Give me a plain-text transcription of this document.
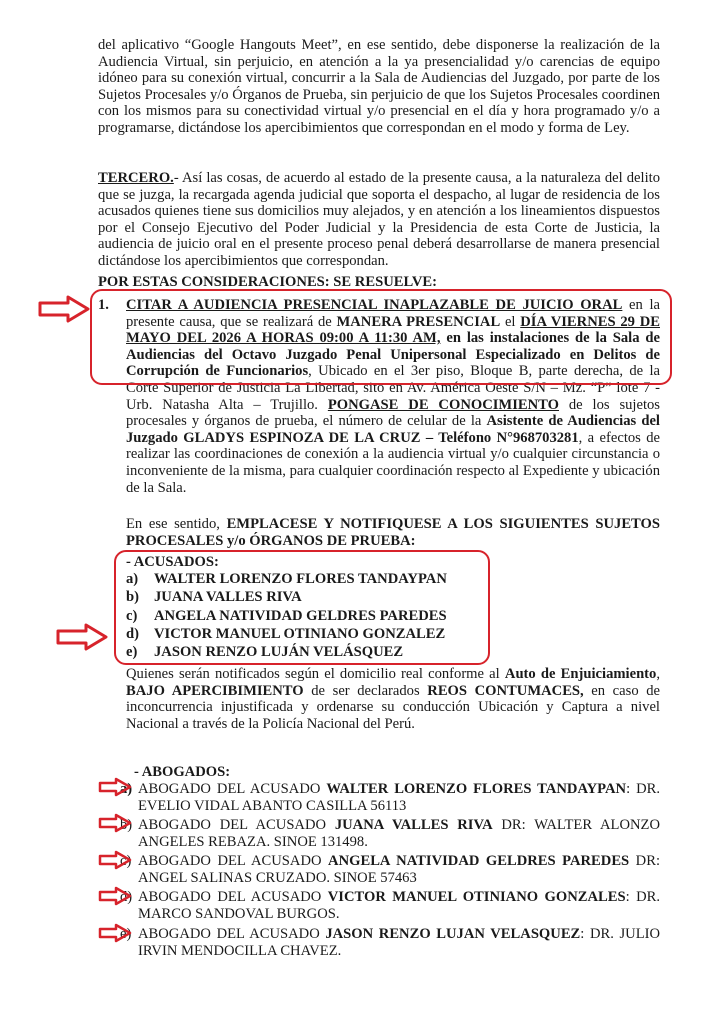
del aplicativo “Google Hangouts Meet”, en ese sentido, debe disponerse la realización de la Audiencia Virtual, sin perjuicio, en atención a la ya presencialidad y/o carencias de equipo idóneo para su conexión virtual, concurrir a la Sala de Audiencias del Juzgado, por parte de los Sujetos Procesales y/o Órganos de Prueba, sin perjuicio de que los Sujetos Procesales coordinen con los mismos para su conectividad virtual y/o presencial en el día y hora programado y/o a programarse, dictándose los apercibimientos que correspondan en el modo y forma de Ley.

TERCERO.- Así las cosas, de acuerdo al estado de la presente causa, a la naturaleza del delito que se juzga, la recargada agenda judicial que soporta el despacho, al lugar de residencia de los acusados quienes tiene sus domicilios muy alejados, y en atención a los lineamientos dispuestos por el Consejo Ejecutivo del Poder Judicial y la Presidencia de esta Corte de Justicia, la audiencia de juicio oral en el presente proceso penal deberá desarrollarse de manera presencial dictándose los apercibimientos que correspondan.

POR ESTAS CONSIDERACIONES: SE RESUELVE:
1. CITAR A AUDIENCIA PRESENCIAL INAPLAZABLE DE JUICIO ORAL en la presente causa, que se realizará de MANERA PRESENCIAL el DÍA VIERNES 29 DE MAYO DEL 2026 A HORAS 09:00 A 11:30 AM, en las instalaciones de la Sala de Audiencias del Octavo Juzgado Penal Unipersonal Especializado en Delitos de Corrupción de Funcionarios, Ubicado en el 3er piso, Bloque B, parte derecha, de la Corte Superior de Justicia La Libertad, sito en Av. América Oeste S/N – Mz. “P” lote 7 - Urb. Natasha Alta – Trujillo. PONGASE DE CONOCIMIENTO de los sujetos procesales y órganos de prueba, el número de celular de la Asistente de Audiencias del Juzgado GLADYS ESPINOZA DE LA CRUZ – Teléfono N°968703281, a efectos de realizar las coordinaciones de conexión a la audiencia virtual y/o cualquier circunstancia o inconveniente de la misma, para cualquier coordinación respecto al Expediente y ubicación de la Sala.

En ese sentido, EMPLACESE Y NOTIFIQUESE A LOS SIGUIENTES SUJETOS PROCESALES y/o ÓRGANOS DE PRUEBA:

- ACUSADOS:
a) WALTER LORENZO FLORES TANDAYPAN
b) JUANA VALLES RIVA
c) ANGELA NATIVIDAD GELDRES PAREDES
d) VICTOR MANUEL OTINIANO GONZALEZ
e) JASON RENZO LUJÁN VELÁSQUEZ

Quienes serán notificados según el domicilio real conforme al Auto de Enjuiciamiento, BAJO APERCIBIMIENTO de ser declarados REOS CONTUMACES, en caso de inconcurrencia injustificada y ordenarse su conducción Ubicación y Captura a nivel Nacional a través de la Policía Nacional del Perú.

- ABOGADOS:
a) ABOGADO DEL ACUSADO WALTER LORENZO FLORES TANDAYPAN: DR. EVELIO VIDAL ABANTO CASILLA 56113
b) ABOGADO DEL ACUSADO JUANA VALLES RIVA DR: WALTER ALONZO ANGELES REBAZA. SINOE 131498.
c) ABOGADO DEL ACUSADO ANGELA NATIVIDAD GELDRES PAREDES DR: ANGEL SALINAS CRUZADO. SINOE 57463
d) ABOGADO DEL ACUSADO VICTOR MANUEL OTINIANO GONZALES: DR. MARCO SANDOVAL BURGOS.
e) ABOGADO DEL ACUSADO JASON RENZO LUJAN VELASQUEZ: DR. JULIO IRVIN MENDOCILLA CHAVEZ.
